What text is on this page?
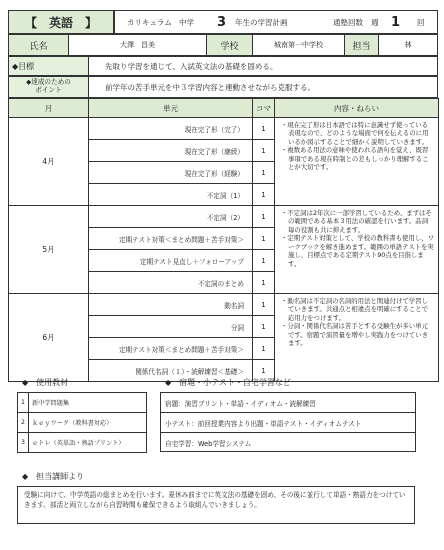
【　英語　】	カリキュラム 中学 3 年生の学習計画	通塾回数 週 1 回
氏名	大澤　昌美	学校	城南第一中学校	担当	林
◆目標	先取り学習を通じて、入試英文法の基礎を固める。
◆達成のための
ポイント	前学年の苦手単元を中３学習内容と連動させながら克服する。
月	単元	コマ	内容・ねらい
4月	現在完了形（完了）	1	・現在完了形は日本語では特に意識せず使っている表現なので、どのような場面で何を伝えるのに用いるか図示することで細かく説明していきます。
・複数ある用法の意味や使われる語句を覚え、既習事項である現在時制との差もしっかり理解することが大切です。

	現在完了形（継続）	1	
	現在完了形（経験）	1	
	不定詞（1）	1	
5月	不定詞（2）	1	・不定詞は2年次に一部学習しているため、まずはその範囲である基本３用法の確認を行います。品詞毎の役割も共に抑えます。
・定期テスト対策として、学校の教科書も使用し、ワークブックを解き進めます。範囲の単語テストを実施し、目標点である定期テスト90点を目指します。

	定期テスト対策＜まとめ問題＋苦手対策＞	1	
	定期テスト見直し＋フォローアップ	1	
	不定詞のまとめ	1	
6月	動名詞	1	・動名詞は不定詞の名詞的用法と関連付けて学習していきます。共通点と相違点を明確にすることで応用力をつけます。
・分詞・関係代名詞は苦手とする受験生が多い単元です。宿題で演習量を増やし実践力をつけていきます。

	分詞	1	
	定期テスト対策＜まとめ問題＋苦手対策＞	1	
	関係代名詞（１）・読解練習＜基礎＞	1	
◆　使用教材
1	新中学問題集
2	ｋｅｙワーク（教科書対応）
3	ｅトレ（英単語・熟語プリント）
◆　宿題・小テスト・自宅学習など
宿題：演習プリント・単語・イディオム・読解練習
小テスト：前回授業内容より出題・単語テスト・イディオムテスト
自宅学習：Web学習システム
◆　担当講師より
受験に向けて、中学英語の総まとめを行います。夏休み前までに英文法の基礎を固め、その後に並行して単語・熟語力をつけていきます。部活と両立しながら自習時間も確保できるよう取組んでいきましょう。
